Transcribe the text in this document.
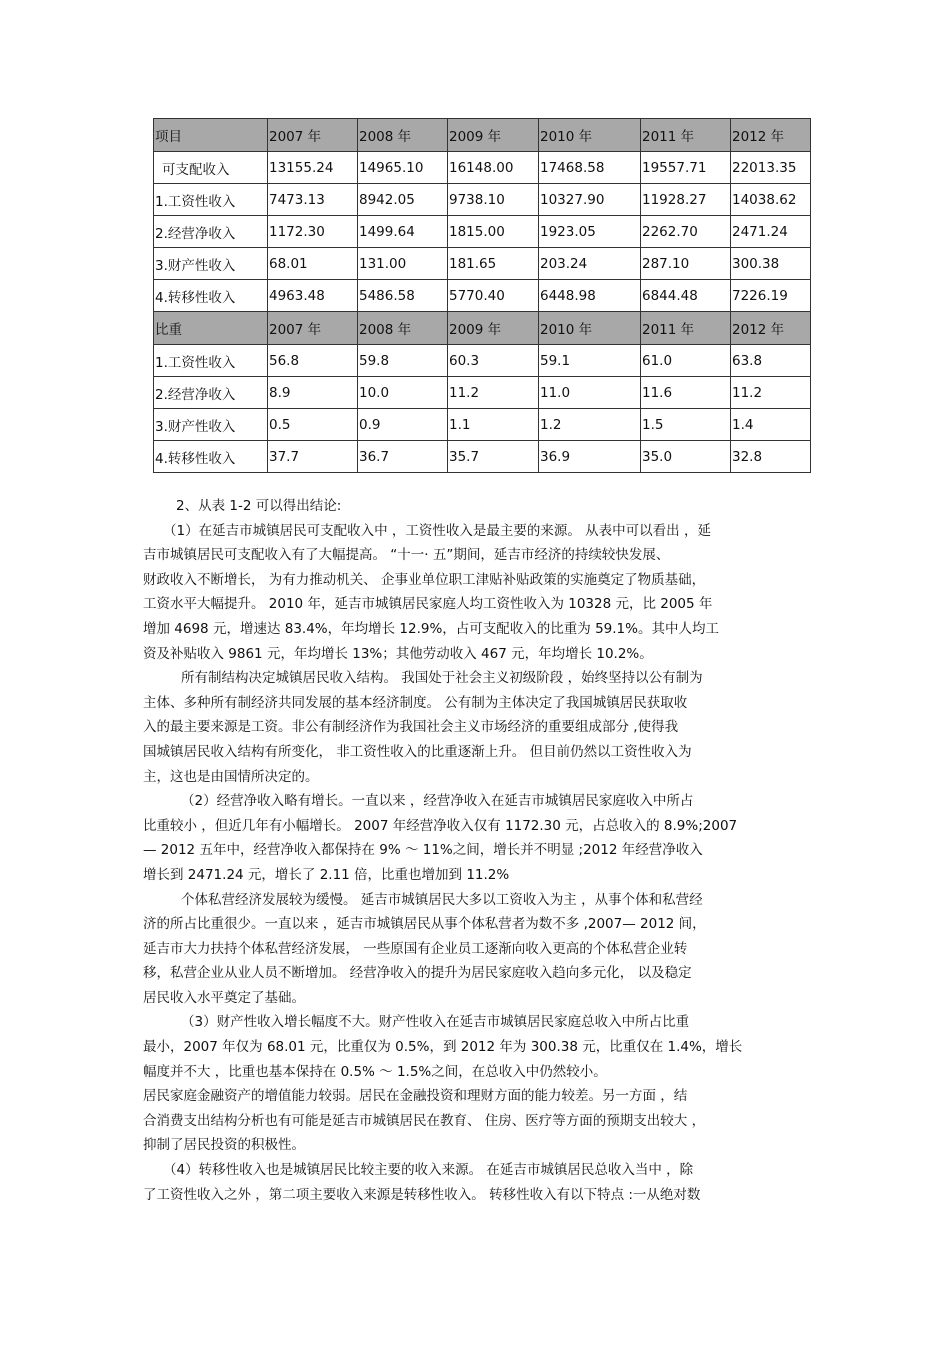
项目	2007 年	2008 年	2009 年	2010 年	2011 年	2012 年
可支配收入	13155.24	14965.10	16148.00	17468.58	19557.71	22013.35
1.工资性收入	7473.13	8942.05	9738.10	10327.90	11928.27	14038.62
2.经营净收入	1172.30	1499.64	1815.00	1923.05	2262.70	2471.24
3.财产性收入	68.01	131.00	181.65	203.24	287.10	300.38
4.转移性收入	4963.48	5486.58	5770.40	6448.98	6844.48	7226.19
比重	2007 年	2008 年	2009 年	2010 年	2011 年	2012 年
1.工资性收入	56.8	59.8	60.3	59.1	61.0	63.8
2.经营净收入	8.9	10.0	11.2	11.0	11.6	11.2
3.财产性收入	0.5	0.9	1.1	1.2	1.5	1.4
4.转移性收入	37.7	36.7	35.7	36.9	35.0	32.8

2、从表 1-2 可以得出结论:

（1）在延吉市城镇居民可支配收入中 ，工资性收入是最主要的来源。 从表中可以看出 ，延

吉市城镇居民可支配收入有了大幅提高。 “十一· 五”期间，延吉市经济的持续较快发展、

财政收入不断增长， 为有力推动机关、 企事业单位职工津贴补贴政策的实施奠定了物质基础，

工资水平大幅提升。 2010 年，延吉市城镇居民家庭人均工资性收入为 10328 元，比 2005 年

增加 4698 元，增速达 83.4%，年均增长 12.9%，占可支配收入的比重为 59.1%。其中人均工

资及补贴收入 9861 元，年均增长 13%；其他劳动收入 467 元，年均增长 10.2%。

所有制结构决定城镇居民收入结构。 我国处于社会主义初级阶段 ，始终坚持以公有制为

主体、多种所有制经济共同发展的基本经济制度。 公有制为主体决定了我国城镇居民获取收

入的最主要来源是工资。非公有制经济作为我国社会主义市场经济的重要组成部分 ,使得我

国城镇居民收入结构有所变化， 非工资性收入的比重逐渐上升。 但目前仍然以工资性收入为

主，这也是由国情所决定的。

（2）经营净收入略有增长。一直以来 ，经营净收入在延吉市城镇居民家庭收入中所占

比重较小 ，但近几年有小幅增长。 2007 年经营净收入仅有 1172.30 元，占总收入的 8.9%;2007

— 2012 五年中，经营净收入都保持在 9% ～ 11%之间，增长并不明显 ;2012 年经营净收入

增长到 2471.24 元，增长了 2.11 倍，比重也增加到 11.2%

个体私营经济发展较为缓慢。 延吉市城镇居民大多以工资收入为主 ，从事个体和私营经

济的所占比重很少。一直以来 ，延吉市城镇居民从事个体私营者为数不多 ,2007— 2012 间，

延吉市大力扶持个体私营经济发展， 一些原国有企业员工逐渐向收入更高的个体私营企业转

移，私营企业从业人员不断增加。 经营净收入的提升为居民家庭收入趋向多元化， 以及稳定

居民收入水平奠定了基础。

（3）财产性收入增长幅度不大。财产性收入在延吉市城镇居民家庭总收入中所占比重

最小，2007 年仅为 68.01 元，比重仅为 0.5%，到 2012 年为 300.38 元，比重仅在 1.4%，增长

幅度并不大 ，比重也基本保持在 0.5% ～ 1.5%之间，在总收入中仍然较小。

居民家庭金融资产的增值能力较弱。居民在金融投资和理财方面的能力较差。另一方面 ，结

合消费支出结构分析也有可能是延吉市城镇居民在教育、 住房、医疗等方面的预期支出较大 ，

抑制了居民投资的积极性。

（4）转移性收入也是城镇居民比较主要的收入来源。 在延吉市城镇居民总收入当中 ，除

了工资性收入之外 ，第二项主要收入来源是转移性收入。 转移性收入有以下特点 :一从绝对数
